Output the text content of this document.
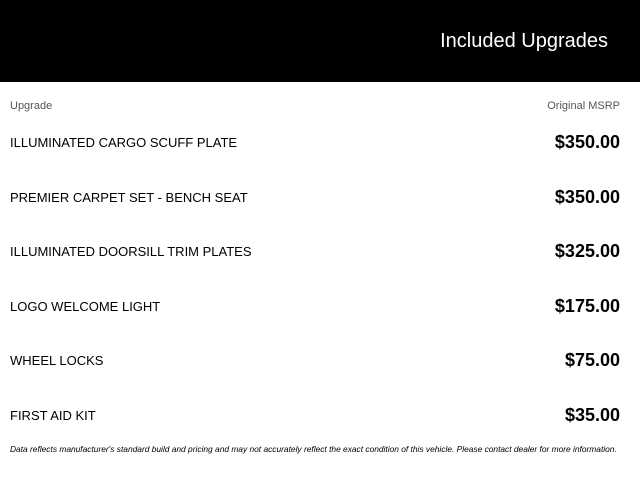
Included Upgrades
Upgrade	Original MSRP
ILLUMINATED CARGO SCUFF PLATE	$350.00
PREMIER CARPET SET - BENCH SEAT	$350.00
ILLUMINATED DOORSILL TRIM PLATES	$325.00
LOGO WELCOME LIGHT	$175.00
WHEEL LOCKS	$75.00
FIRST AID KIT	$35.00
Data reflects manufacturer's standard build and pricing and may not accurately reflect the exact condition of this vehicle. Please contact dealer for more information.
